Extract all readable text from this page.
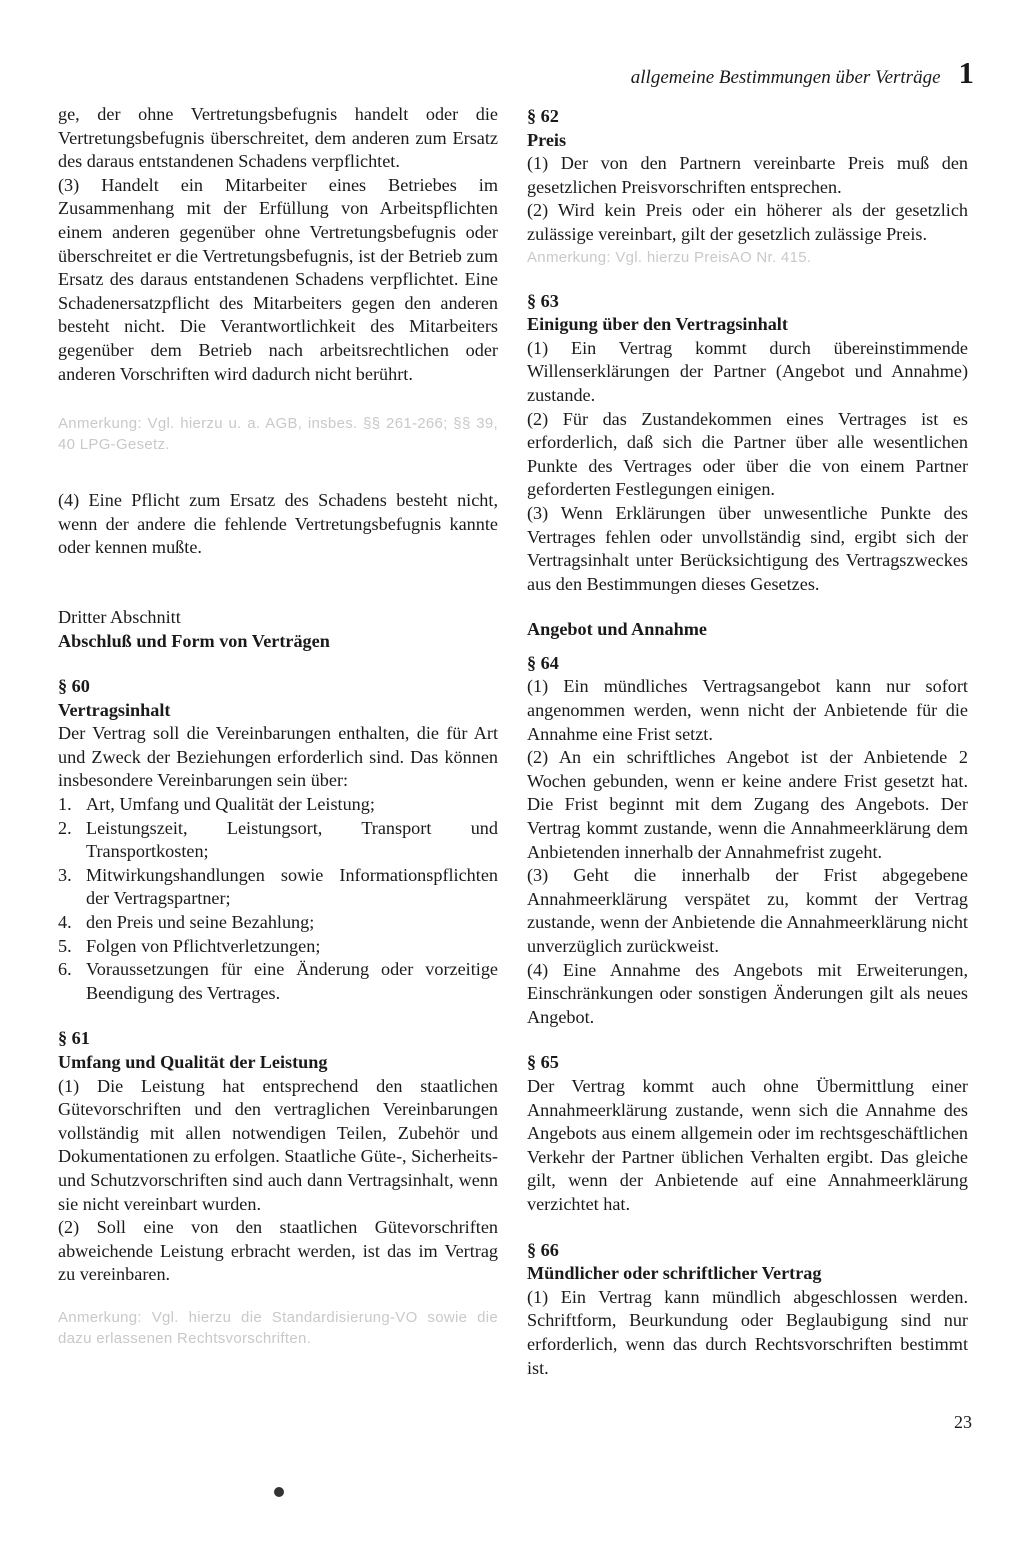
allgemeine Bestimmungen über Verträge 1

ge, der ohne Vertretungsbefugnis handelt oder die Vertretungsbefugnis überschreitet, dem anderen zum Ersatz des daraus entstandenen Schadens verpflichtet.

(3) Handelt ein Mitarbeiter eines Betriebes im Zusammenhang mit der Erfüllung von Arbeitspflichten einem anderen gegenüber ohne Vertretungsbefugnis oder überschreitet er die Vertretungsbefugnis, ist der Betrieb zum Ersatz des daraus entstandenen Schadens verpflichtet. Eine Schadenersatzpflicht des Mitarbeiters gegen den anderen besteht nicht. Die Verantwortlichkeit des Mitarbeiters gegenüber dem Betrieb nach arbeitsrechtlichen oder anderen Vorschriften wird dadurch nicht berührt.

Anmerkung: Vgl. hierzu u. a. AGB, insbes. §§ 261-266; §§ 39, 40 LPG-Gesetz.

(4) Eine Pflicht zum Ersatz des Schadens besteht nicht, wenn der andere die fehlende Vertretungsbefugnis kannte oder kennen mußte.

Dritter Abschnitt

Abschluß und Form von Verträgen

§ 60

Vertragsinhalt

Der Vertrag soll die Vereinbarungen enthalten, die für Art und Zweck der Beziehungen erforderlich sind. Das können insbesondere Vereinbarungen sein über:

1. Art, Umfang und Qualität der Leistung;
2. Leistungszeit, Leistungsort, Transport und Transportkosten;
3. Mitwirkungshandlungen sowie Informationspflichten der Vertragspartner;
4. den Preis und seine Bezahlung;
5. Folgen von Pflichtverletzungen;
6. Voraussetzungen für eine Änderung oder vorzeitige Beendigung des Vertrages.

§ 61

Umfang und Qualität der Leistung

(1) Die Leistung hat entsprechend den staatlichen Gütevorschriften und den vertraglichen Vereinbarungen vollständig mit allen notwendigen Teilen, Zubehör und Dokumentationen zu erfolgen. Staatliche Güte-, Sicherheits- und Schutzvorschriften sind auch dann Vertragsinhalt, wenn sie nicht vereinbart wurden.

(2) Soll eine von den staatlichen Gütevorschriften abweichende Leistung erbracht werden, ist das im Vertrag zu vereinbaren.

Anmerkung: Vgl. hierzu die Standardisierung-VO sowie die dazu erlassenen Rechtsvorschriften.

§ 62

Preis

(1) Der von den Partnern vereinbarte Preis muß den gesetzlichen Preisvorschriften entsprechen.

(2) Wird kein Preis oder ein höherer als der gesetzlich zulässige vereinbart, gilt der gesetzlich zulässige Preis.

Anmerkung: Vgl. hierzu PreisAO Nr. 415.

§ 63

Einigung über den Vertragsinhalt

(1) Ein Vertrag kommt durch übereinstimmende Willenserklärungen der Partner (Angebot und Annahme) zustande.

(2) Für das Zustandekommen eines Vertrages ist es erforderlich, daß sich die Partner über alle wesentlichen Punkte des Vertrages oder über die von einem Partner geforderten Festlegungen einigen.

(3) Wenn Erklärungen über unwesentliche Punkte des Vertrages fehlen oder unvollständig sind, ergibt sich der Vertragsinhalt unter Berücksichtigung des Vertragszweckes aus den Bestimmungen dieses Gesetzes.

Angebot und Annahme

§ 64

(1) Ein mündliches Vertragsangebot kann nur sofort angenommen werden, wenn nicht der Anbietende für die Annahme eine Frist setzt.

(2) An ein schriftliches Angebot ist der Anbietende 2 Wochen gebunden, wenn er keine andere Frist gesetzt hat. Die Frist beginnt mit dem Zugang des Angebots. Der Vertrag kommt zustande, wenn die Annahmeerklärung dem Anbietenden innerhalb der Annahmefrist zugeht.

(3) Geht die innerhalb der Frist abgegebene Annahmeerklärung verspätet zu, kommt der Vertrag zustande, wenn der Anbietende die Annahmeerklärung nicht unverzüglich zurückweist.

(4) Eine Annahme des Angebots mit Erweiterungen, Einschränkungen oder sonstigen Änderungen gilt als neues Angebot.

§ 65

Der Vertrag kommt auch ohne Übermittlung einer Annahmeerklärung zustande, wenn sich die Annahme des Angebots aus einem allgemein oder im rechtsgeschäftlichen Verkehr der Partner üblichen Verhalten ergibt. Das gleiche gilt, wenn der Anbietende auf eine Annahmeerklärung verzichtet hat.

§ 66

Mündlicher oder schriftlicher Vertrag

(1) Ein Vertrag kann mündlich abgeschlossen werden. Schriftform, Beurkundung oder Beglaubigung sind nur erforderlich, wenn das durch Rechtsvorschriften bestimmt ist.

23
